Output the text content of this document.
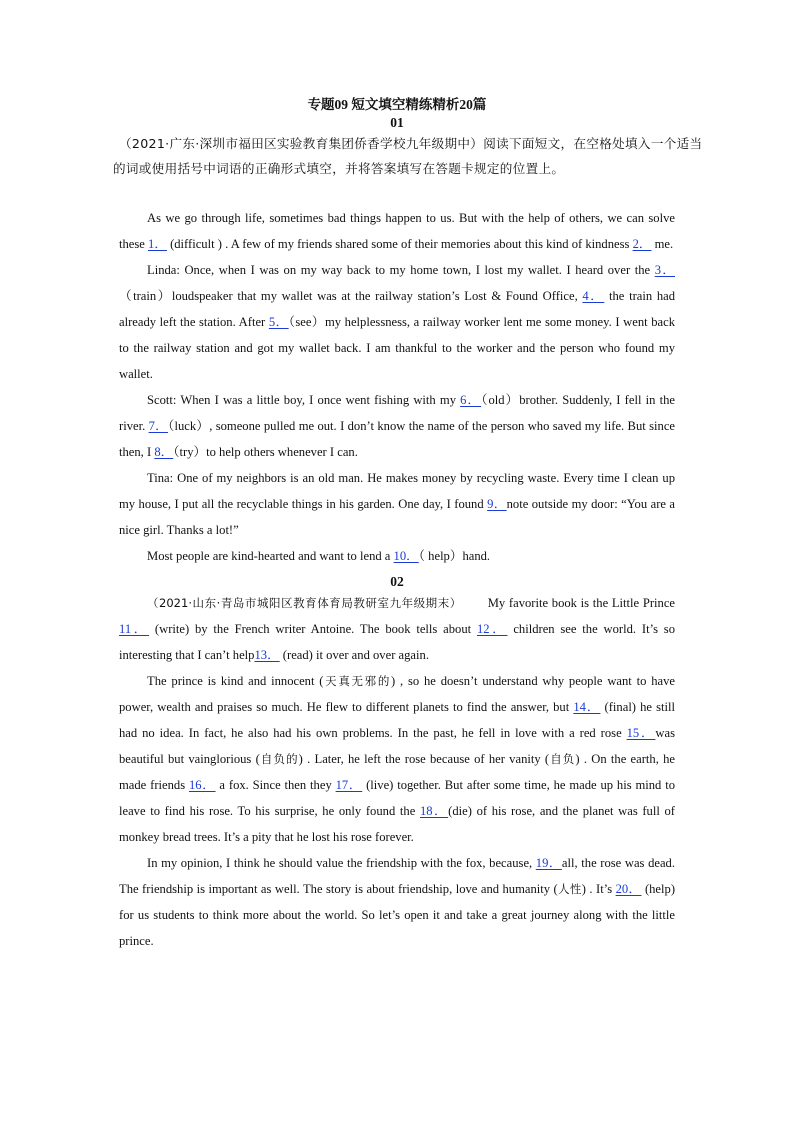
专题09 短文填空精练精析20篇

01

（2021·广东·深圳市福田区实验教育集团侨香学校九年级期中）阅读下面短文，在空格处填入一个适当的词或使用括号中词语的正确形式填空，并将答案填写在答题卡规定的位置上。

As we go through life, sometimes bad things happen to us. But with the help of others, we can solve these 1． (difficult ) . A few of my friends shared some of their memories about this kind of kindness 2． me.

Linda: Once, when I was on my way back to my home town, I lost my wallet. I heard over the 3．（train）loudspeaker that my wallet was at the railway station’s Lost & Found Office, 4． the train had already left the station. After 5．（see）my helplessness, a railway worker lent me some money. I went back to the railway station and got my wallet back. I am thankful to the worker and the person who found my wallet.

Scott: When I was a little boy, I once went fishing with my 6．（old）brother. Suddenly, I fell in the river. 7．（luck）, someone pulled me out. I don’t know the name of the person who saved my life. But since then, I 8．（try）to help others whenever I can.

Tina: One of my neighbors is an old man. He makes money by recycling waste. Every time I clean up my house, I put all the recyclable things in his garden. One day, I found 9．note outside my door: “You are a nice girl. Thanks a lot!”

Most people are kind-hearted and want to lend a 10．（ help）hand.

02

（2021·山东·青岛市城阳区教育体育局教研室九年级期末） My favorite book is the Little Prince 11． (write) by the French writer Antoine. The book tells about 12． children see the world. It’s so interesting that I can’t help13． (read) it over and over again.

The prince is kind and innocent (天真无邪的) , so he doesn’t understand why people want to have power, wealth and praises so much. He flew to different planets to find the answer, but 14． (final) he still had no idea. In fact, he also had his own problems. In the past, he fell in love with a red rose 15．was beautiful but vainglorious (自负的) . Later, he left the rose because of her vanity (自负) . On the earth, he made friends 16． a fox. Since then they 17． (live) together. But after some time, he made up his mind to leave to find his rose. To his surprise, he only found the 18．(die) of his rose, and the planet was full of monkey bread trees. It’s a pity that he lost his rose forever.

In my opinion, I think he should value the friendship with the fox, because, 19．all, the rose was dead. The friendship is important as well. The story is about friendship, love and humanity (人性) . It’s 20． (help) for us students to think more about the world. So let’s open it and take a great journey along with the little prince.
